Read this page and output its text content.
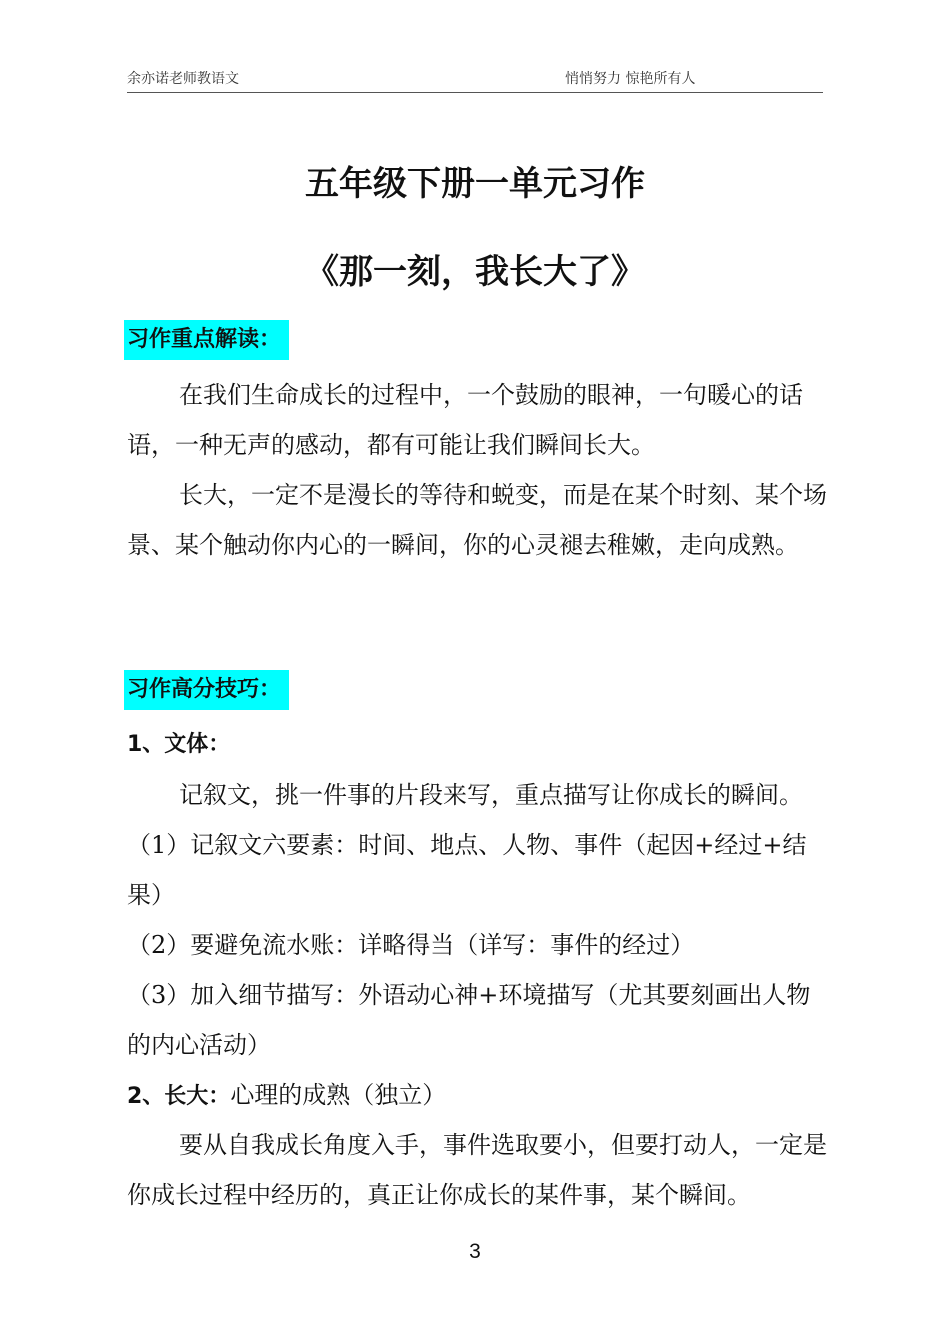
余亦诺老师教语文	悄悄努力 惊艳所有人
五年级下册一单元习作
《那一刻，我长大了》
习作重点解读：

在我们生命成长的过程中，一个鼓励的眼神，一句暖心的话语，一种无声的感动，都有可能让我们瞬间长大。

长大，一定不是漫长的等待和蜕变，而是在某个时刻、某个场景、某个触动你内心的一瞬间，你的心灵褪去稚嫩，走向成熟。

习作高分技巧：

1、文体：

记叙文，挑一件事的片段来写，重点描写让你成长的瞬间。

（1）记叙文六要素：时间、地点、人物、事件（起因+经过+结果）

（2）要避免流水账：详略得当（详写：事件的经过）

（3）加入细节描写：外语动心神+环境描写（尤其要刻画出人物的内心活动）

2、长大：心理的成熟（独立）

要从自我成长角度入手，事件选取要小，但要打动人，一定是你成长过程中经历的，真正让你成长的某件事，某个瞬间。

3
